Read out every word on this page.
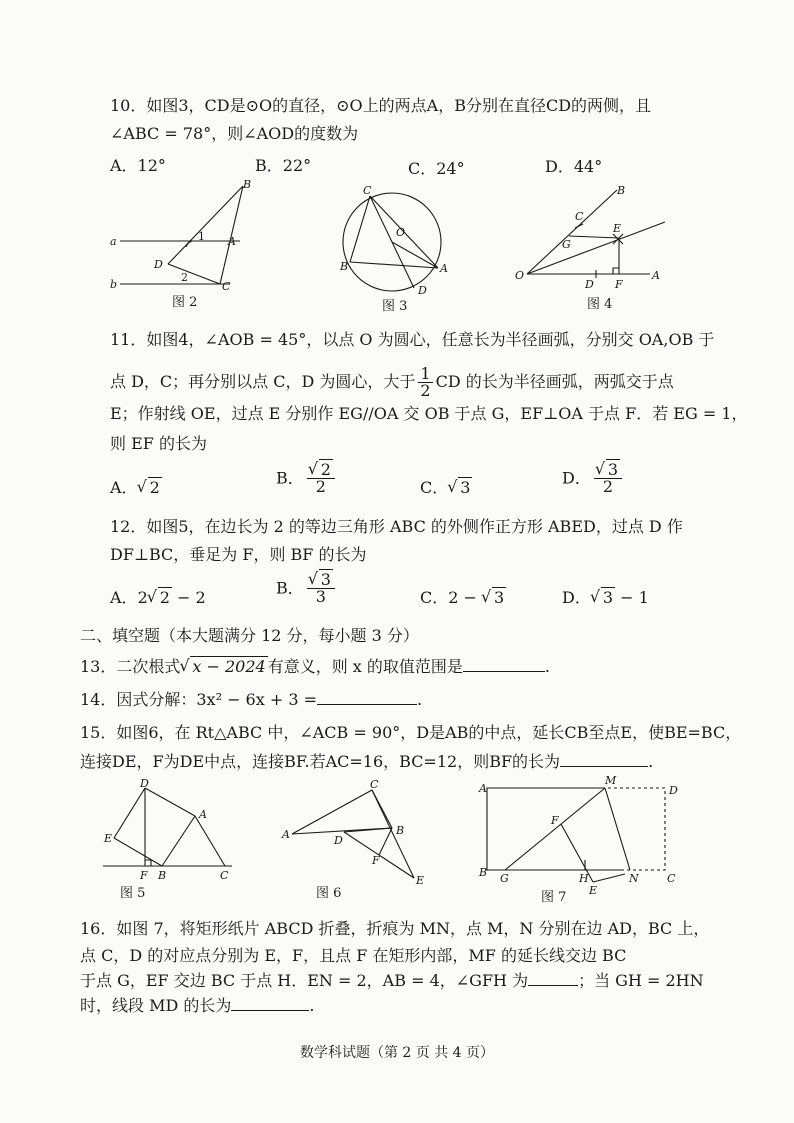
10．如图3，CD是⊙O的直径，⊙O上的两点A，B分别在直径CD的两侧，且
∠ABC = 78°，则∠AOD的度数为
A．12°	B．22°	C．24°	D．44°
a
b
B
A
D
C
1
2
图 2
C
O
B	A
D
图 3
B
C
E
G
O
D F
A
图 4
11．如图4，∠AOB = 45°，以点 O 为圆心，任意长为半径画弧，分别交 OA,OB 于
点 D，C；再分别以点 C，D 为圆心，大于 $\frac{1}{2}$ CD 的长为半径画弧，两弧交于点
E；作射线 OE，过点 E 分别作 EG//OA 交 OB 于点 G，EF⊥OA 于点 F．若 EG = 1，
则 EF 的长为
A． √ 2	B． √ $\frac{2}{2}$	C． √ 3	D． √ $\frac{3}{2}$
12．如图5，在边长为 2 的等边三角形 ABC 的外侧作正方形 ABED，过点 D 作
DF⊥BC，垂足为 F，则 BF 的长为
A．2 √ 2 − 2	B． √ $\frac{3}{3}$	C．2 − √ 3	D． √ 3 − 1
二、填空题（本大题满分 12 分，每小题 3 分）
13．二次根式 √ x − 2024 有意义，则 x 的取值范围是	.
14．因式分解：3x² − 6x + 3 =	.
15．如图6，在 Rt△ABC 中，∠ACB = 90°，D是AB的中点，延长CB至点E，使BE=BC，
连接DE，F为DE中点，连接BF.若AC=16，BC=12，则BF的长为	.
D
A
E
F B	C
图 5
C
A	D
B
F
E
图 6
A
M
D
F
B G	H	N	C
E
图 7
16．如图 7，将矩形纸片 ABCD 折叠，折痕为 MN，点 M，N 分别在边 AD，BC 上，
点 C，D 的对应点分别为 E，F，且点 F 在矩形内部，MF 的延长线交边 BC
于点 G，EF 交边 BC 于点 H．EN = 2，AB = 4，∠GFH 为	；当 GH = 2HN
时，线段 MD 的长为	.
数学科试题（第 2 页 共 4 页）
